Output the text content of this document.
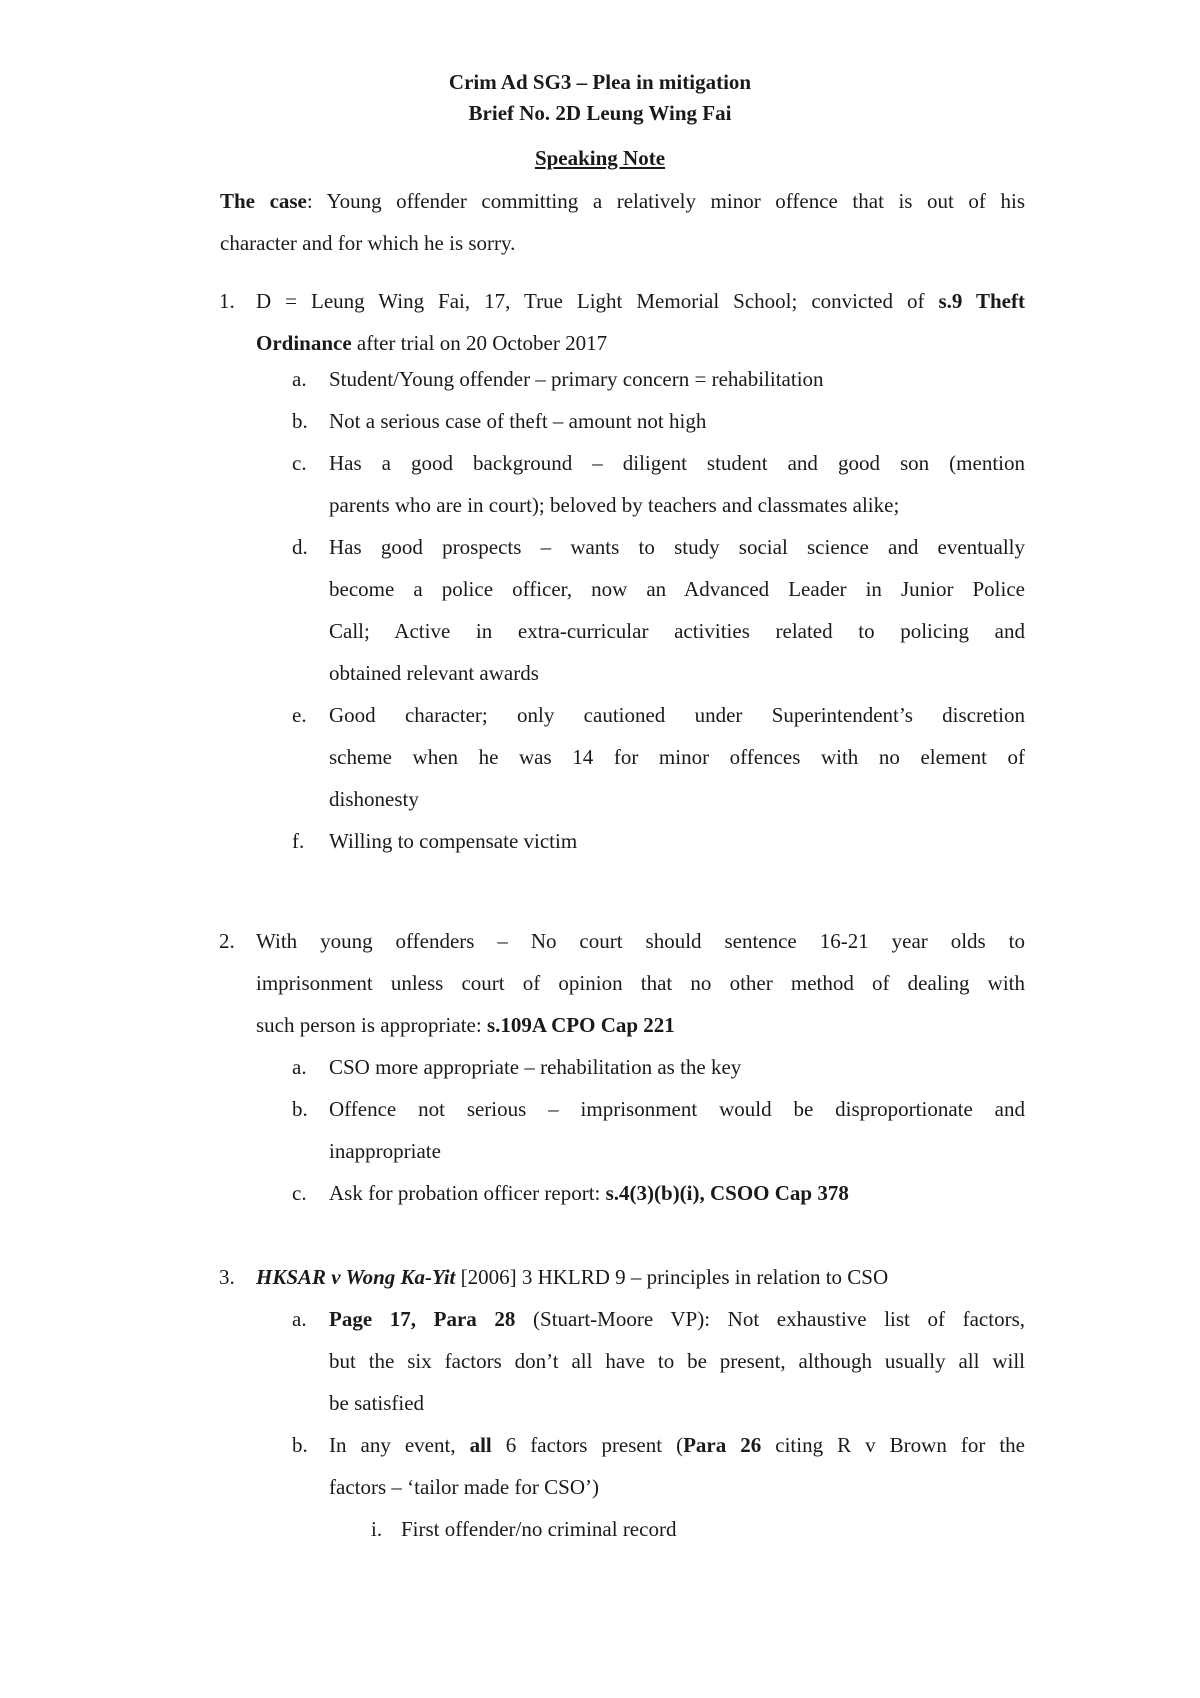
Crim Ad SG3 – Plea in mitigation
Brief No. 2D Leung Wing Fai
Speaking Note
The case: Young offender committing a relatively minor offence that is out of his
character and for which he is sorry.
1. D = Leung Wing Fai, 17, True Light Memorial School; convicted of s.9 Theft
Ordinance after trial on 20 October 2017
a. Student/Young offender – primary concern = rehabilitation
b. Not a serious case of theft – amount not high
c. Has a good background – diligent student and good son (mention
parents who are in court); beloved by teachers and classmates alike;
d. Has good prospects – wants to study social science and eventually
become a police officer, now an Advanced Leader in Junior Police
Call; Active in extra-curricular activities related to policing and
obtained relevant awards
e. Good character; only cautioned under Superintendent’s discretion
scheme when he was 14 for minor offences with no element of
dishonesty
f. Willing to compensate victim
2. With young offenders – No court should sentence 16-21 year olds to
imprisonment unless court of opinion that no other method of dealing with
such person is appropriate: s.109A CPO Cap 221
a. CSO more appropriate – rehabilitation as the key
b. Offence not serious – imprisonment would be disproportionate and
inappropriate
c. Ask for probation officer report: s.4(3)(b)(i), CSOO Cap 378
3. HKSAR v Wong Ka-Yit [2006] 3 HKLRD 9 – principles in relation to CSO
a. Page 17, Para 28 (Stuart-Moore VP): Not exhaustive list of factors,
but the six factors don’t all have to be present, although usually all will
be satisfied
b. In any event, all 6 factors present (Para 26 citing R v Brown for the
factors – ‘tailor made for CSO’)
i. First offender/no criminal record
